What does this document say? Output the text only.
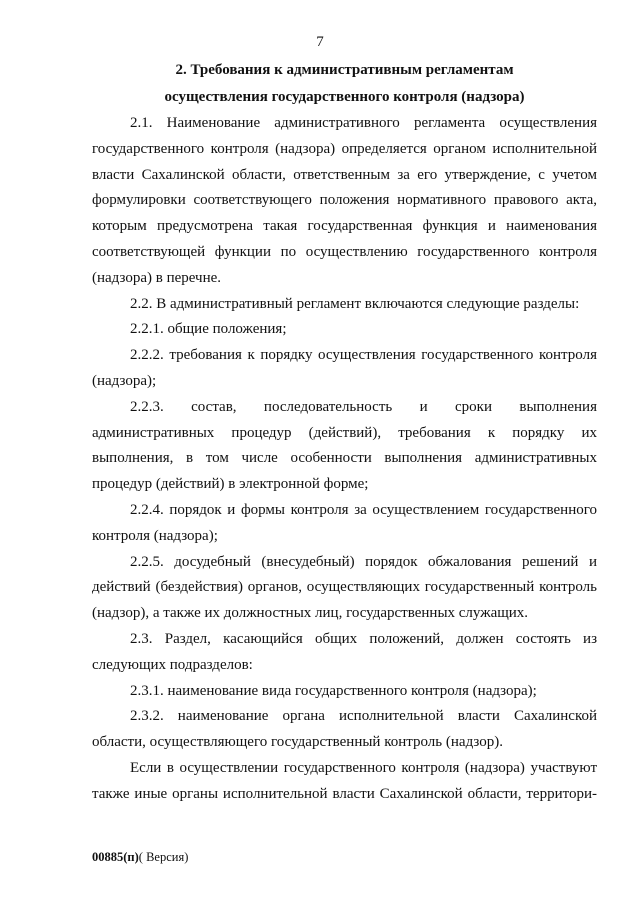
7
2. Требования к административным регламентам
осуществления государственного контроля (надзора)

2.1. Наименование административного регламента осуществления государственного контроля (надзора) определяется органом исполнительной власти Сахалинской области, ответственным за его утверждение, с учетом формулировки соответствующего положения нормативного правового акта, которым предусмотрена такая государственная функция и наименования соответствующей функции по осуществлению государственного контроля (надзора) в перечне.

2.2. В административный регламент включаются следующие разделы:

2.2.1. общие положения;

2.2.2. требования к порядку осуществления государственного контроля (надзора);

2.2.3. состав, последовательность и сроки выполнения административных процедур (действий), требования к порядку их выполнения, в том числе особенности выполнения административных процедур (действий) в электронной форме;

2.2.4. порядок и формы контроля за осуществлением государственного контроля (надзора);

2.2.5. досудебный (внесудебный) порядок обжалования решений и действий (бездействия) органов, осуществляющих государственный контроль (надзор), а также их должностных лиц, государственных служащих.

2.3. Раздел, касающийся общих положений, должен состоять из следующих подразделов:

2.3.1. наименование вида государственного контроля (надзора);

2.3.2. наименование органа исполнительной власти Сахалинской области, осуществляющего государственный контроль (надзор).

Если в осуществлении государственного контроля (надзора) участвуют также иные органы исполнительной власти Сахалинской области, территори-

00885(п)( Версия)
